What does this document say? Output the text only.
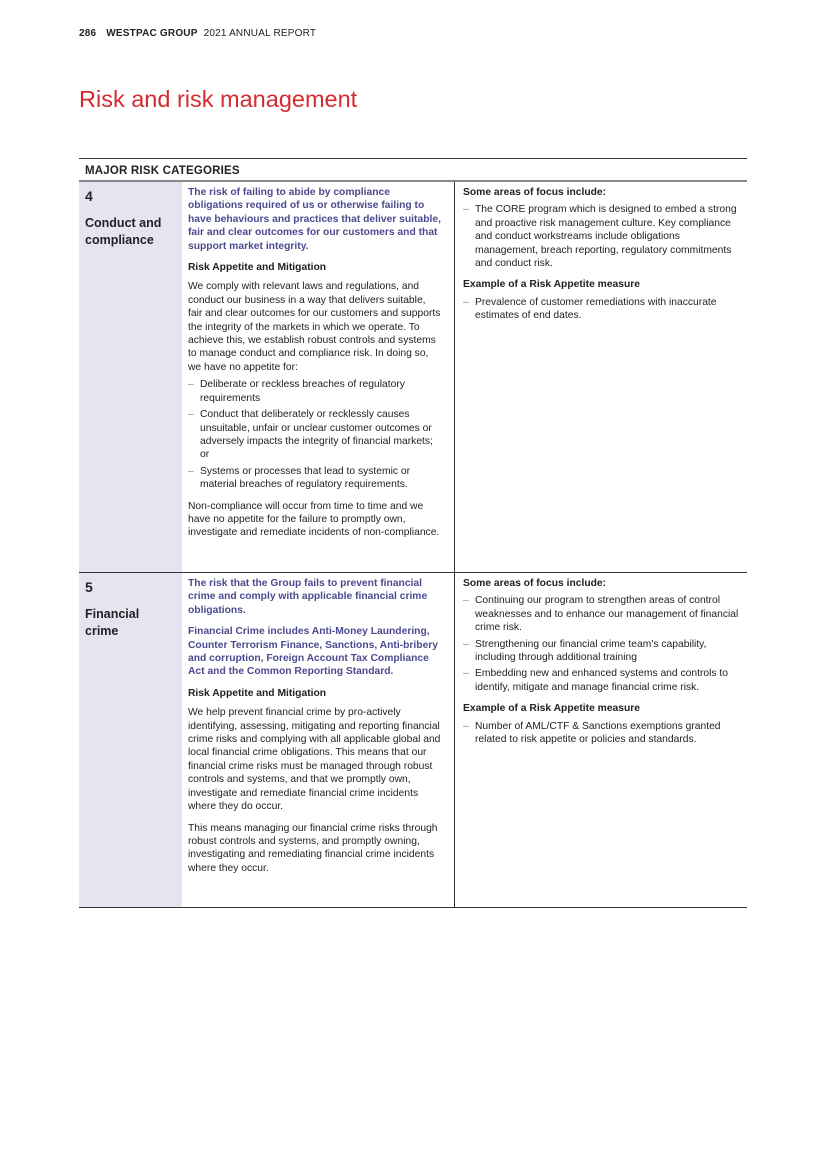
286 WESTPAC GROUP 2021 ANNUAL REPORT
Risk and risk management
MAJOR RISK CATEGORIES
4
Conduct and compliance

The risk of failing to abide by compliance obligations required of us or otherwise failing to have behaviours and practices that deliver suitable, fair and clear outcomes for our customers and that support market integrity.

Risk Appetite and Mitigation

We comply with relevant laws and regulations, and conduct our business in a way that delivers suitable, fair and clear outcomes for our customers and supports the integrity of the markets in which we operate. To achieve this, we establish robust controls and systems to manage conduct and compliance risk. In doing so, we have no appetite for:

– Deliberate or reckless breaches of regulatory requirements
– Conduct that deliberately or recklessly causes unsuitable, unfair or unclear customer outcomes or adversely impacts the integrity of financial markets; or
– Systems or processes that lead to systemic or material breaches of regulatory requirements.

Non-compliance will occur from time to time and we have no appetite for the failure to promptly own, investigate and remediate incidents of non-compliance.

Some areas of focus include:

– The CORE program which is designed to embed a strong and proactive risk management culture. Key compliance and conduct workstreams include obligations management, breach reporting, regulatory commitments and conduct risk.

Example of a Risk Appetite measure

– Prevalence of customer remediations with inaccurate estimates of end dates.
5
Financial crime

The risk that the Group fails to prevent financial crime and comply with applicable financial crime obligations.

Financial Crime includes Anti-Money Laundering, Counter Terrorism Finance, Sanctions, Anti-bribery and corruption, Foreign Account Tax Compliance Act and the Common Reporting Standard.

Risk Appetite and Mitigation

We help prevent financial crime by pro-actively identifying, assessing, mitigating and reporting financial crime risks and complying with all applicable global and local financial crime obligations. This means that our financial crime risks must be managed through robust controls and systems, and that we promptly own, investigate and remediate financial crime incidents where they do occur.

This means managing our financial crime risks through robust controls and systems, and promptly owning, investigating and remediating financial crime incidents where they occur.

Some areas of focus include:

– Continuing our program to strengthen areas of control weaknesses and to enhance our management of financial crime risk.
– Strengthening our financial crime team’s capability, including through additional training
– Embedding new and enhanced systems and controls to identify, mitigate and manage financial crime risk.

Example of a Risk Appetite measure

– Number of AML/CTF & Sanctions exemptions granted related to risk appetite or policies and standards.
